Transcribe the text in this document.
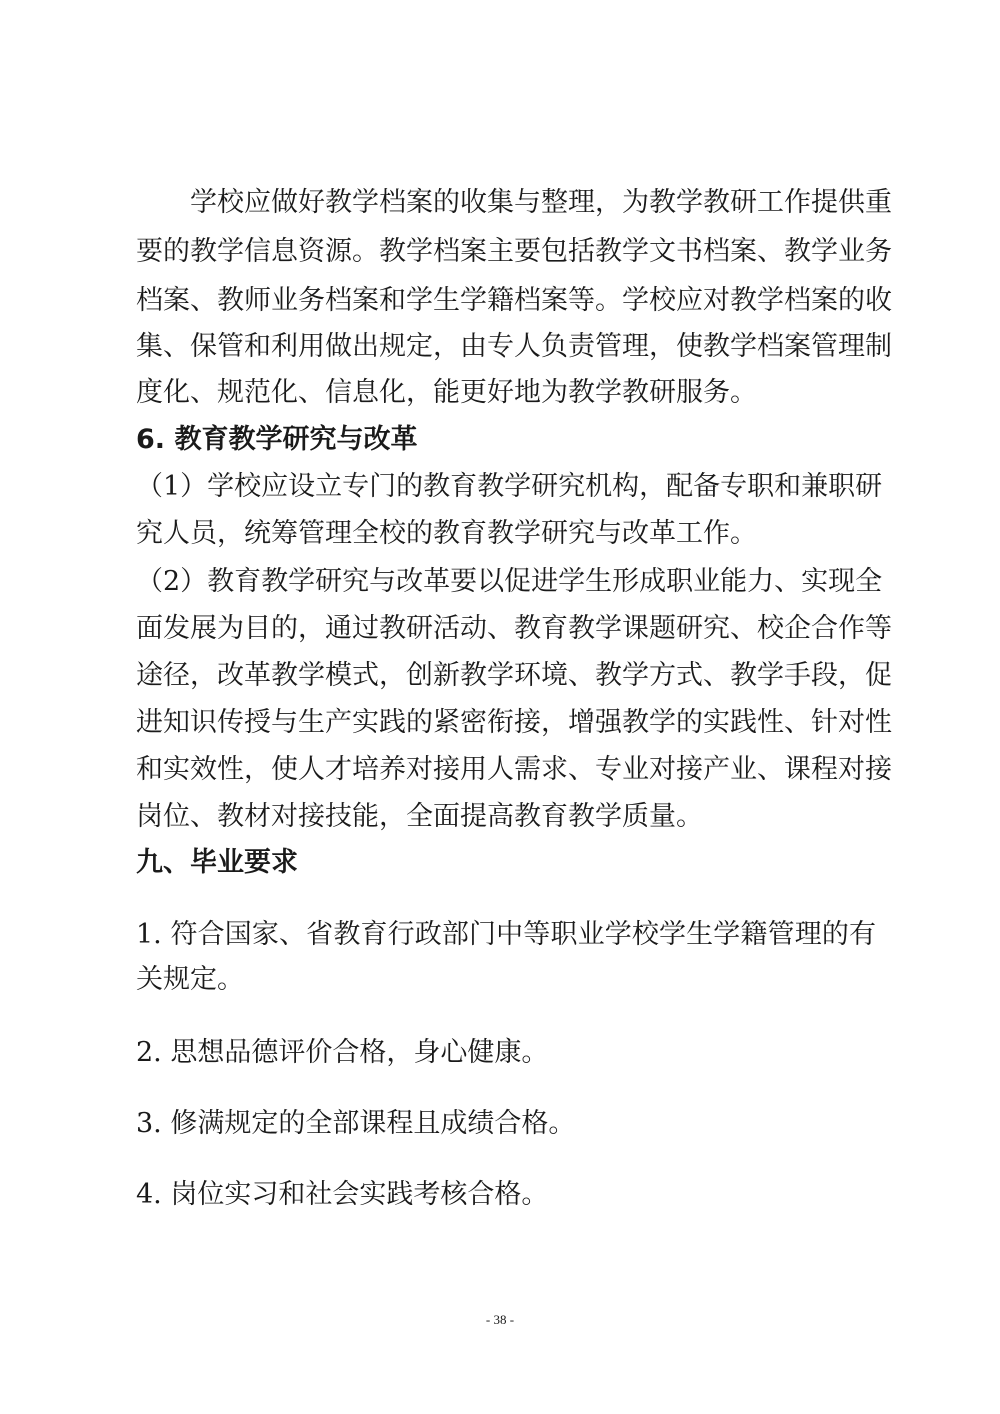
学校应做好教学档案的收集与整理，为教学教研工作提供重
要的教学信息资源。教学档案主要包括教学文书档案、教学业务
档案、教师业务档案和学生学籍档案等。学校应对教学档案的收
集、保管和利用做出规定，由专人负责管理，使教学档案管理制
度化、规范化、信息化，能更好地为教学教研服务。
6. 教育教学研究与改革
（1）学校应设立专门的教育教学研究机构，配备专职和兼职研
究人员，统筹管理全校的教育教学研究与改革工作。
（2）教育教学研究与改革要以促进学生形成职业能力、实现全
面发展为目的，通过教研活动、教育教学课题研究、校企合作等
途径，改革教学模式，创新教学环境、教学方式、教学手段，促
进知识传授与生产实践的紧密衔接，增强教学的实践性、针对性
和实效性，使人才培养对接用人需求、专业对接产业、课程对接
岗位、教材对接技能，全面提高教育教学质量。
九、毕业要求
1. 符合国家、省教育行政部门中等职业学校学生学籍管理的有
关规定。
2. 思想品德评价合格，身心健康。
3. 修满规定的全部课程且成绩合格。
4. 岗位实习和社会实践考核合格。
- 38 -
